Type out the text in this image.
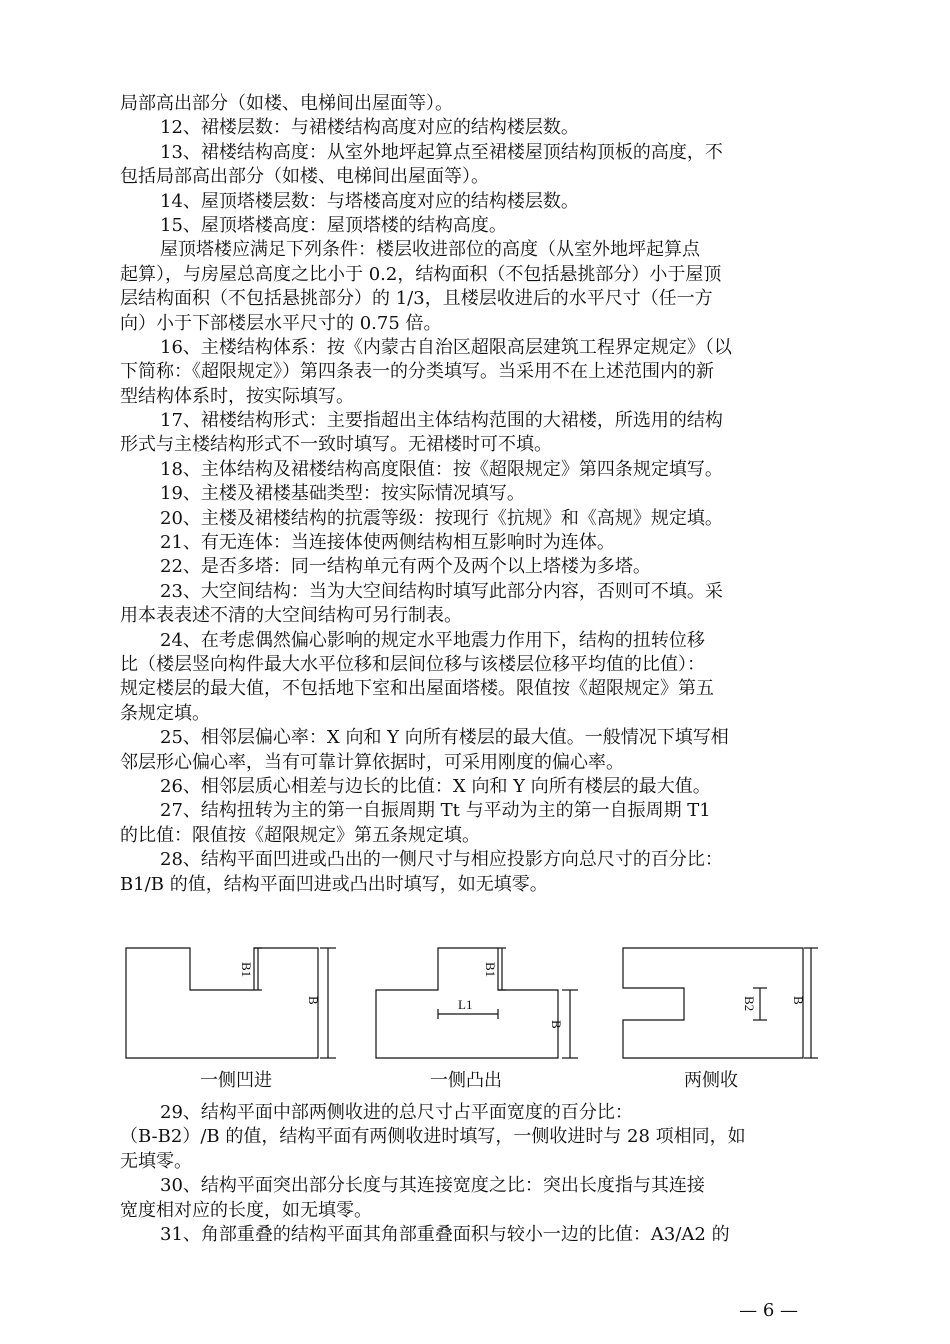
局部高出部分（如楼、电梯间出屋面等）。
12、裙楼层数：与裙楼结构高度对应的结构楼层数。
13、裙楼结构高度：从室外地坪起算点至裙楼屋顶结构顶板的高度，不
包括局部高出部分（如楼、电梯间出屋面等）。
14、屋顶塔楼层数：与塔楼高度对应的结构楼层数。
15、屋顶塔楼高度：屋顶塔楼的结构高度。
屋顶塔楼应满足下列条件：楼层收进部位的高度（从室外地坪起算点
起算），与房屋总高度之比小于 0.2，结构面积（不包括悬挑部分）小于屋顶
层结构面积（不包括悬挑部分）的 1/3，且楼层收进后的水平尺寸（任一方
向）小于下部楼层水平尺寸的 0.75 倍。
16、主楼结构体系：按《内蒙古自治区超限高层建筑工程界定规定》（以
下简称：《超限规定》）第四条表一的分类填写。当采用不在上述范围内的新
型结构体系时，按实际填写。
17、裙楼结构形式：主要指超出主体结构范围的大裙楼，所选用的结构
形式与主楼结构形式不一致时填写。无裙楼时可不填。
18、主体结构及裙楼结构高度限值：按《超限规定》第四条规定填写。
19、主楼及裙楼基础类型：按实际情况填写。
20、主楼及裙楼结构的抗震等级：按现行《抗规》和《高规》规定填。
21、有无连体：当连接体使两侧结构相互影响时为连体。
22、是否多塔：同一结构单元有两个及两个以上塔楼为多塔。
23、大空间结构：当为大空间结构时填写此部分内容，否则可不填。采
用本表表述不清的大空间结构可另行制表。
24、在考虑偶然偏心影响的规定水平地震力作用下，结构的扭转位移
比（楼层竖向构件最大水平位移和层间位移与该楼层位移平均值的比值）：
规定楼层的最大值，不包括地下室和出屋面塔楼。限值按《超限规定》第五
条规定填。
25、相邻层偏心率：X 向和 Y 向所有楼层的最大值。一般情况下填写相
邻层形心偏心率，当有可靠计算依据时，可采用刚度的偏心率。
26、相邻层质心相差与边长的比值：X 向和 Y 向所有楼层的最大值。
27、结构扭转为主的第一自振周期 Tt 与平动为主的第一自振周期 T1
的比值：限值按《超限规定》第五条规定填。
28、结构平面凹进或凸出的一侧尺寸与相应投影方向总尺寸的百分比：
B1/B 的值，结构平面凹进或凸出时填写，如无填零。
B1
B
B1
L1
B
B2	B
一侧凹进	一侧凸出	两侧收
29、结构平面中部两侧收进的总尺寸占平面宽度的百分比：
（B-B2）/B 的值，结构平面有两侧收进时填写，一侧收进时与 28 项相同，如
无填零。
30、结构平面突出部分长度与其连接宽度之比：突出长度指与其连接
宽度相对应的长度，如无填零。
31、角部重叠的结构平面其角部重叠面积与较小一边的比值：A3/A2 的
— 6 —
